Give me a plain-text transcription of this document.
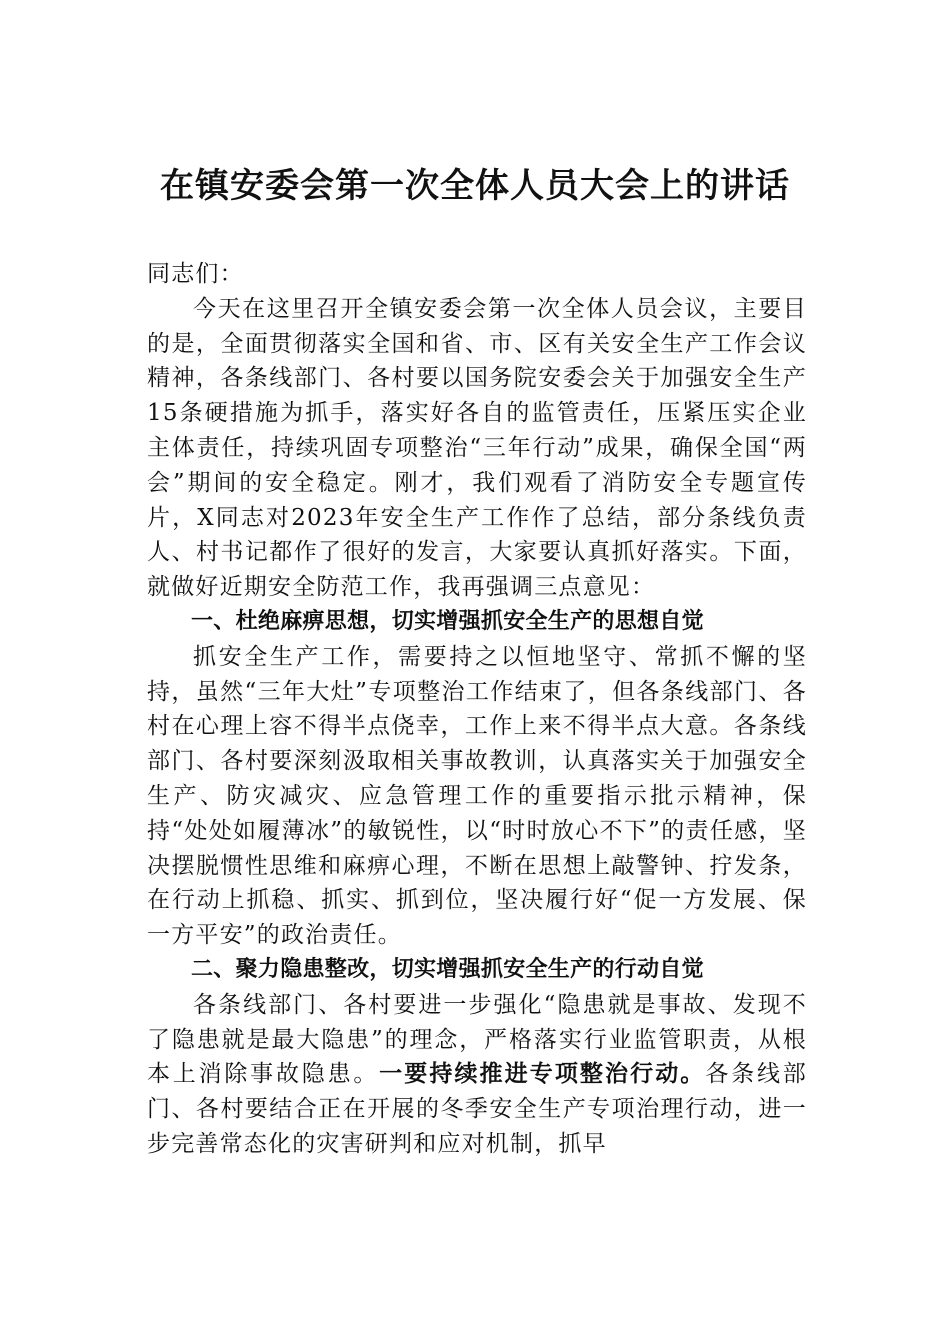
在镇安委会第一次全体人员大会上的讲话

同志们：

今天在这里召开全镇安委会第一次全体人员会议，主要目的是，全面贯彻落实全国和省、市、区有关安全生产工作会议精神，各条线部门、各村要以国务院安委会关于加强安全生产15条硬措施为抓手，落实好各自的监管责任，压紧压实企业主体责任，持续巩固专项整治“三年行动”成果，确保全国“两会”期间的安全稳定。刚才，我们观看了消防安全专题宣传片，X同志对2023年安全生产工作作了总结，部分条线负责人、村书记都作了很好的发言，大家要认真抓好落实。下面，就做好近期安全防范工作，我再强调三点意见：

一、杜绝麻痹思想，切实增强抓安全生产的思想自觉

抓安全生产工作，需要持之以恒地坚守、常抓不懈的坚持，虽然“三年大灶”专项整治工作结束了，但各条线部门、各村在心理上容不得半点侥幸，工作上来不得半点大意。各条线部门、各村要深刻汲取相关事故教训，认真落实关于加强安全生产、防灾减灾、应急管理工作的重要指示批示精神，保持“处处如履薄冰”的敏锐性，以“时时放心不下”的责任感，坚决摆脱惯性思维和麻痹心理，不断在思想上敲警钟、拧发条，在行动上抓稳、抓实、抓到位，坚决履行好“促一方发展、保一方平安”的政治责任。

二、聚力隐患整改，切实增强抓安全生产的行动自觉

各条线部门、各村要进一步强化“隐患就是事故、发现不了隐患就是最大隐患”的理念，严格落实行业监管职责，从根本上消除事故隐患。一要持续推进专项整治行动。各条线部门、各村要结合正在开展的冬季安全生产专项治理行动，进一步完善常态化的灾害研判和应对机制，抓早
